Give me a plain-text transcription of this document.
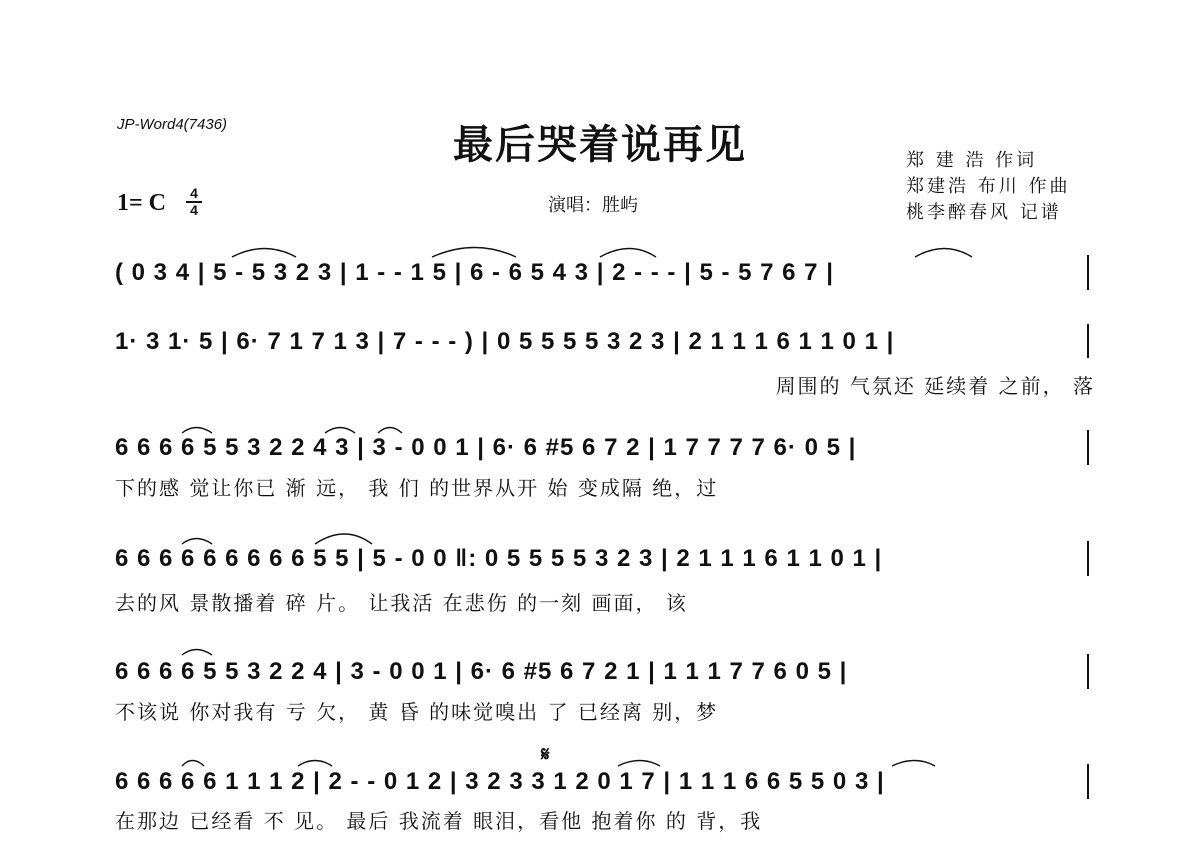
JP-Word4(7436)	最后哭着说再见	郑 建 浩 作词
郑建浩 布川 作曲
桃李醉春风 记谱
1= C $\frac{4}{4}$	演唱：胜屿
( 0 3 4 | 5 - 5 3 2 3 | 1 - - 1 5 | 6 - 6 5 4 3 | 2 - - - | 5 - 5 7 6 7 |
1· 3 1· 5 | 6· 7 1 7 1 3 | 7 - - - ) | 0 5 5 5 5 3 2 3 | 2 1 1 1 6 1 1 0 1 |
周围的 气氛还 延续着 之前， 落
6 6 6 6 5 5 3 2 2 4 3 | 3 - 0 0 1 | 6· 6 #5 6 7 2 | 1 7 7 7 7 6· 0 5 |
下的感 觉让你已 渐 远， 我 们 的世界从开 始 变成隔 绝，过
6 6 6 6 6 6 6 6 6 5 5 | 5 - 0 0 ‖: 0 5 5 5 5 3 2 3 | 2 1 1 1 6 1 1 0 1 |
去的风 景散播着 碎 片。 让我活 在悲伤 的一刻 画面， 该
6 6 6 6 5 5 3 2 2 4 | 3 - 0 0 1 | 6· 6 #5 6 7 2 1 | 1 1 1 7 7 6 0 5 |
不该说 你对我有 亏 欠， 黄 昏 的味觉嗅出 了 已经离 别，梦
𝄋
6 6 6 6 6 1 1 1 2 | 2 - - 0 1 2 | 3 2 3 3 1 2 0 1 7 | 1 1 1 6 6 5 5 0 3 |
在那边 已经看 不 见。 最后 我流着 眼泪，看他 抱着你 的 背，我
